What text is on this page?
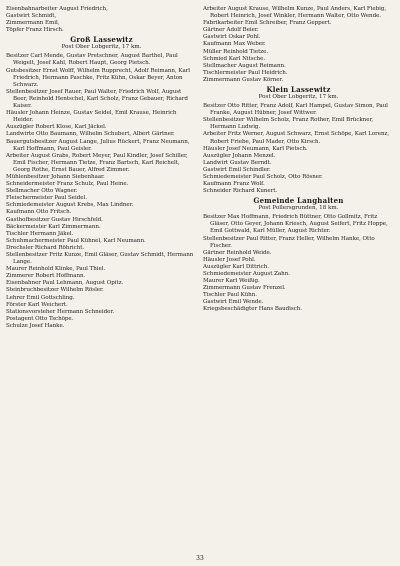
Eisenbahnarbeiter August Friedrich,

Gastwirt Schmidt,

Zimmermann Emil,

Töpfer Franz Hirsch.

Groß Lassewitz

Post Ober Lobgeritz, 17 km.

Besitzer Carl Mende, Gustav Pretschner, August Barthel, Paul Weigelt, Josef Kahl, Robert Haupt, Georg Pietsch.

Gutsbesitzer Ernst Wolff, Wilhelm Rupprecht, Adolf Reimann, Karl Friedrich, Hermann Paschke, Fritz Kühn, Oskar Beyer, Anton Schwarz.

Stellenbesitzer Josef Rauer, Paul Walter, Friedrich Wolf, August Beer, Reinhold Hentschel, Karl Scholz, Franz Gebauer, Richard Kaiser.

Häusler Johann Heinze, Gustav Seidel, Emil Krause, Heinrich Heider.

Auszügler Robert Klose, Karl Jäckel.

Landwirte Otto Baumann, Wilhelm Schubert, Albert Gärtner.

Bauergutsbesitzer August Lange, Julius Rückert, Franz Neumann, Karl Hoffmann, Paul Geisler.

Arbeiter August Grabs, Robert Meyer, Paul Kindler, Josef Schiller, Emil Fischer, Hermann Tietze, Franz Bartsch, Karl Reichelt, Georg Rothe, Ernst Bauer, Alfred Zimmer.

Mühlenbesitzer Johann Siebenhaar.

Schneidermeister Franz Schulz, Paul Heine.

Stellmacher Otto Wagner.

Fleischermeister Paul Seidel.

Schmiedemeister August Krebs, Max Lindner.

Kaufmann Otto Fritsch.

Gasthofbesitzer Gustav Hirschfeld.

Bäckermeister Karl Zimmermann.

Tischler Hermann Jäkel.

Schuhmachermeister Paul Kühnel, Karl Neumann.

Drechsler Richard Röhricht.

Stellenbesitzer Fritz Kunze, Emil Gläser, Gustav Schmidt, Hermann Lange.

Maurer Reinhold Klinke, Paul Thiel.

Zimmerer Robert Hoffmann.

Eisenbahner Paul Lehmann, August Opitz.

Steinbruchbesitzer Wilhelm Rösler.

Lehrer Emil Gottschling.

Förster Karl Weichert.

Stationsvorsteher Hermann Schneider.

Postagent Otto Tschöpe.

Schulze Josef Hanke.

Arbeiter August Krause, Wilhelm Kunze, Paul Anders, Karl Fiebig, Robert Heinrich, Josef Winkler, Hermann Walter, Otto Wende.

Fabrikarbeiter Emil Schreiber, Franz Geppert.

Gärtner Adolf Beier.

Gastwirt Oskar Pohl.

Kaufmann Max Weber.

Müller Reinhold Tietze.

Schmied Karl Nitsche.

Stellmacher August Reimann.

Tischlermeister Paul Heidrich.

Zimmermann Gustav Körner.

Klein Lassewitz

Post Ober Lobgeritz, 17 km.

Besitzer Otto Ritter, Franz Adolf, Karl Hampel, Gustav Simon, Paul Franke, August Hübner, Josef Wittwer.

Stellenbesitzer Wilhelm Scholz, Franz Rother, Emil Brückner, Hermann Ludwig.

Arbeiter Fritz Werner, August Schwarz, Ernst Schöpe, Karl Lorenz, Robert Friebe, Paul Mader, Otto Kirsch.

Häusler Josef Neumann, Karl Pietsch.

Auszügler Johann Menzel.

Landwirt Gustav Berndt.

Gastwirt Emil Schindler.

Schmiedemeister Paul Scholz, Otto Rösner.

Kaufmann Franz Wolf.

Schneider Richard Kunert.

Gemeinde Langhalten

Post Pollersgrunden, 18 km.

Besitzer Max Hoffmann, Friedrich Büttner, Otto Gollmitz, Fritz Gläser, Otto Geyer, Johann Kriesch, August Seifert, Fritz Hoppe, Emil Gottwald, Karl Müller, August Richter.

Stellenbesitzer Paul Ritter, Franz Heller, Wilhelm Hanke, Otto Fischer.

Gärtner Reinhold Weide.

Häusler Josef Pohl.

Auszügler Karl Dittrich.

Schmiedemeister August Zahn.

Maurer Karl Weißig.

Zimmermann Gustav Frenzel.

Tischler Paul Kühn.

Gastwirt Emil Wende.

Kriegsbeschädigter Hans Baudisch.

33
